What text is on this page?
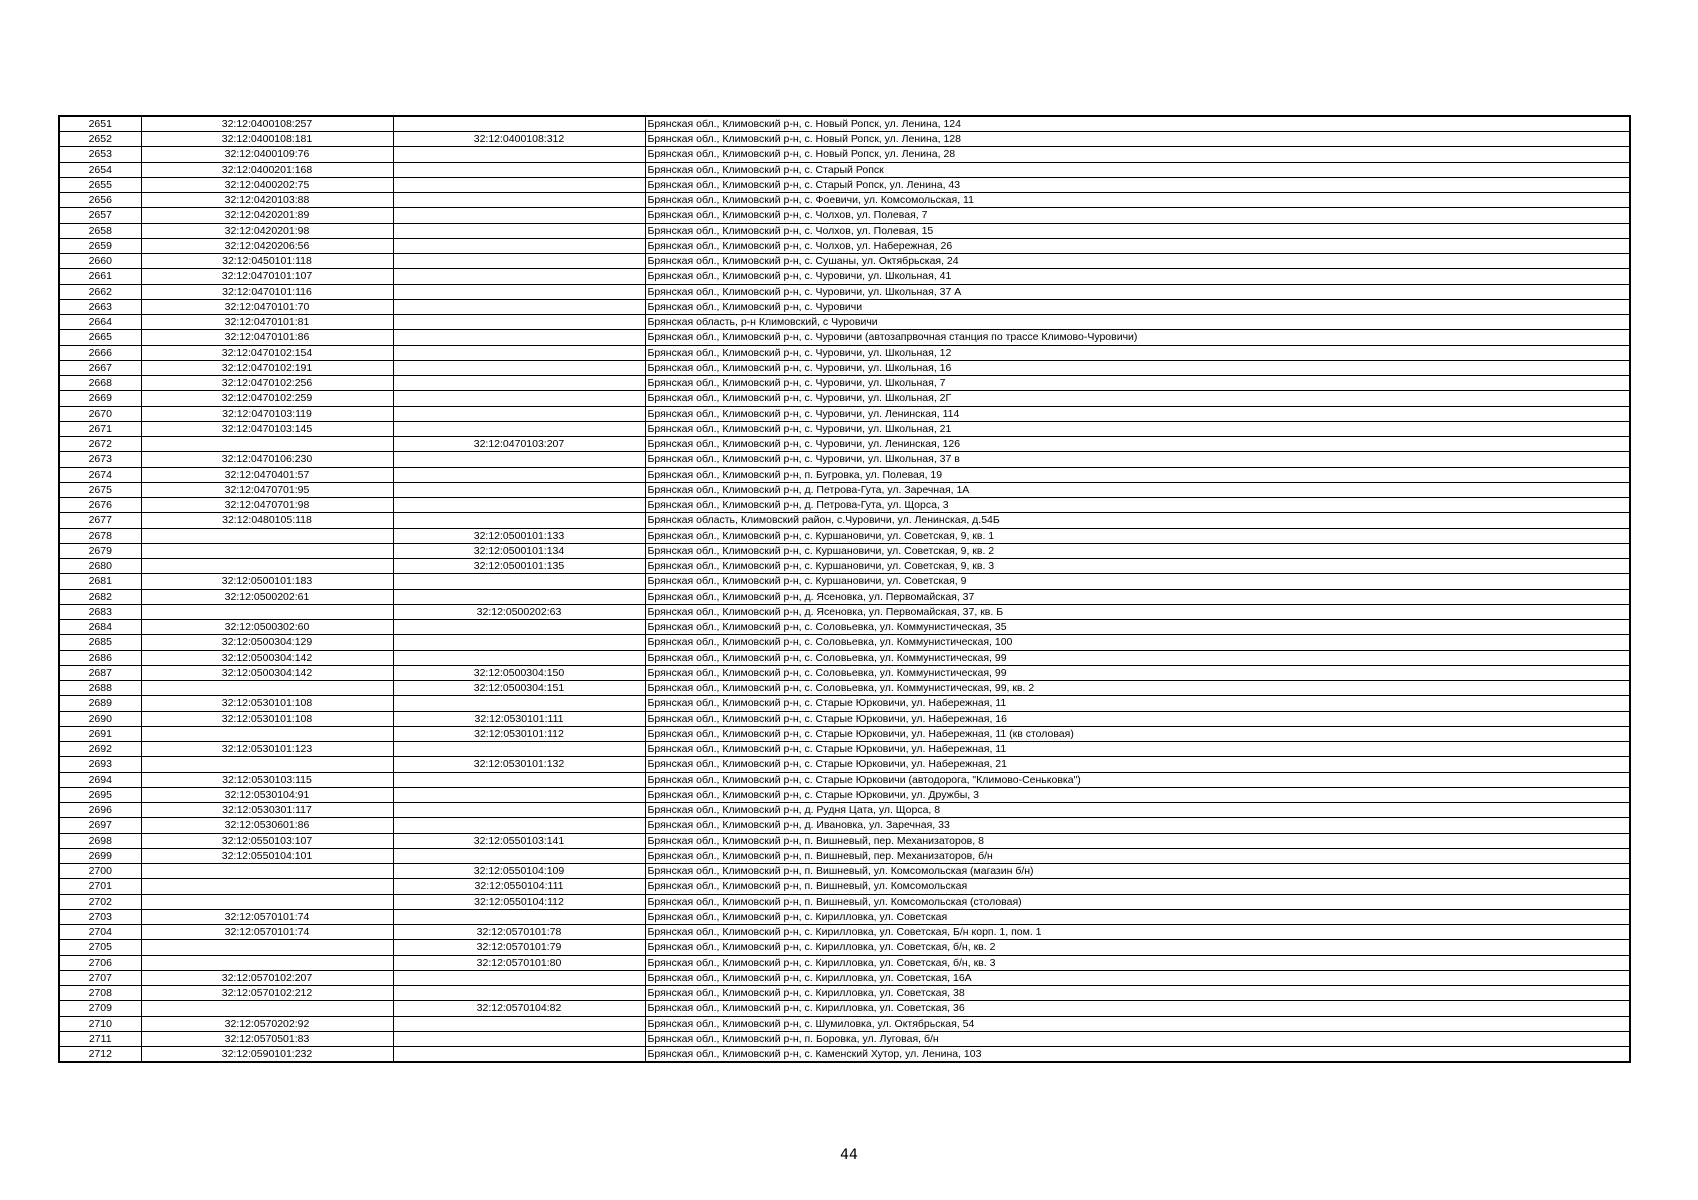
2651	32:12:0400108:257		Брянская обл., Климовский р-н, с. Новый Ропск, ул. Ленина, 124
2652	32:12:0400108:181	32:12:0400108:312	Брянская обл., Климовский р-н, с. Новый Ропск, ул. Ленина, 128
2653	32:12:0400109:76		Брянская обл., Климовский р-н, с. Новый Ропск, ул. Ленина, 28
2654	32:12:0400201:168		Брянская обл., Климовский р-н, с. Старый Ропск
2655	32:12:0400202:75		Брянская обл., Климовский р-н, с. Старый Ропск, ул. Ленина, 43
2656	32:12:0420103:88		Брянская обл., Климовский р-н, с. Фоевичи, ул. Комсомольская, 11
2657	32:12:0420201:89		Брянская обл., Климовский р-н, с. Чолхов, ул. Полевая, 7
2658	32:12:0420201:98		Брянская обл., Климовский р-н, с. Чолхов, ул. Полевая, 15
2659	32:12:0420206:56		Брянская обл., Климовский р-н, с. Чолхов, ул. Набережная, 26
2660	32:12:0450101:118		Брянская обл., Климовский р-н, с. Сушаны, ул. Октябрьская, 24
2661	32:12:0470101:107		Брянская обл., Климовский р-н, с. Чуровичи, ул. Школьная, 41
2662	32:12:0470101:116		Брянская обл., Климовский р-н, с. Чуровичи, ул. Школьная, 37 А
2663	32:12:0470101:70		Брянская обл., Климовский р-н, с. Чуровичи
2664	32:12:0470101:81		Брянская область, р-н Климовский, с Чуровичи
2665	32:12:0470101:86		Брянская обл., Климовский р-н, с. Чуровичи (автозапрвочная станция по трассе Климово-Чуровичи)
2666	32:12:0470102:154		Брянская обл., Климовский р-н, с. Чуровичи, ул. Школьная, 12
2667	32:12:0470102:191		Брянская обл., Климовский р-н, с. Чуровичи, ул. Школьная, 16
2668	32:12:0470102:256		Брянская обл., Климовский р-н, с. Чуровичи, ул. Школьная, 7
2669	32:12:0470102:259		Брянская обл., Климовский р-н, с. Чуровичи, ул. Школьная, 2Г
2670	32:12:0470103:119		Брянская обл., Климовский р-н, с. Чуровичи, ул. Ленинская, 114
2671	32:12:0470103:145		Брянская обл., Климовский р-н, с. Чуровичи, ул. Школьная, 21
2672		32:12:0470103:207	Брянская обл., Климовский р-н, с. Чуровичи, ул. Ленинская, 126
2673	32:12:0470106:230		Брянская обл., Климовский р-н, с. Чуровичи, ул. Школьная, 37 в
2674	32:12:0470401:57		Брянская обл., Климовский р-н, п. Бугровка, ул. Полевая, 19
2675	32:12:0470701:95		Брянская обл., Климовский р-н, д. Петрова-Гута, ул. Заречная, 1А
2676	32:12:0470701:98		Брянская обл., Климовский р-н, д. Петрова-Гута, ул. Щорса, 3
2677	32:12:0480105:118		Брянская область, Климовский район, с.Чуровичи, ул. Ленинская, д.54Б
2678		32:12:0500101:133	Брянская обл., Климовский р-н, с. Куршановичи, ул. Советская, 9, кв. 1
2679		32:12:0500101:134	Брянская обл., Климовский р-н, с. Куршановичи, ул. Советская, 9, кв. 2
2680		32:12:0500101:135	Брянская обл., Климовский р-н, с. Куршановичи, ул. Советская, 9, кв. 3
2681	32:12:0500101:183		Брянская обл., Климовский р-н, с. Куршановичи, ул. Советская, 9
2682	32:12:0500202:61		Брянская обл., Климовский р-н, д. Ясеновка, ул. Первомайская, 37
2683		32:12:0500202:63	Брянская обл., Климовский р-н, д. Ясеновка, ул. Первомайская, 37, кв. Б
2684	32:12:0500302:60		Брянская обл., Климовский р-н, с. Соловьевка, ул. Коммунистическая, 35
2685	32:12:0500304:129		Брянская обл., Климовский р-н, с. Соловьевка, ул. Коммунистическая, 100
2686	32:12:0500304:142		Брянская обл., Климовский р-н, с. Соловьевка, ул. Коммунистическая, 99
2687	32:12:0500304:142	32:12:0500304:150	Брянская обл., Климовский р-н, с. Соловьевка, ул. Коммунистическая, 99
2688		32:12:0500304:151	Брянская обл., Климовский р-н, с. Соловьевка, ул. Коммунистическая, 99, кв. 2
2689	32:12:0530101:108		Брянская обл., Климовский р-н, с. Старые Юрковичи, ул. Набережная, 11
2690	32:12:0530101:108	32:12:0530101:111	Брянская обл., Климовский р-н, с. Старые Юрковичи, ул. Набережная, 16
2691		32:12:0530101:112	Брянская обл., Климовский р-н, с. Старые Юрковичи, ул. Набережная, 11 (кв столовая)
2692	32:12:0530101:123		Брянская обл., Климовский р-н, с. Старые Юрковичи, ул. Набережная, 11
2693		32:12:0530101:132	Брянская обл., Климовский р-н, с. Старые Юрковичи, ул. Набережная, 21
2694	32:12:0530103:115		Брянская обл., Климовский р-н, с. Старые Юрковичи (автодорога, "Климово-Сеньковка")
2695	32:12:0530104:91		Брянская обл., Климовский р-н, с. Старые Юрковичи, ул. Дружбы, 3
2696	32:12:0530301:117		Брянская обл., Климовский р-н, д. Рудня Цата, ул. Щорса, 8
2697	32:12:0530601:86		Брянская обл., Климовский р-н, д. Ивановка, ул. Заречная, 33
2698	32:12:0550103:107	32:12:0550103:141	Брянская обл., Климовский р-н, п. Вишневый, пер. Механизаторов, 8
2699	32:12:0550104:101		Брянская обл., Климовский р-н, п. Вишневый, пер. Механизаторов, б/н
2700		32:12:0550104:109	Брянская обл., Климовский р-н, п. Вишневый, ул. Комсомольская (магазин б/н)
2701		32:12:0550104:111	Брянская обл., Климовский р-н, п. Вишневый, ул. Комсомольская
2702		32:12:0550104:112	Брянская обл., Климовский р-н, п. Вишневый, ул. Комсомольская (столовая)
2703	32:12:0570101:74		Брянская обл., Климовский р-н, с. Кирилловка, ул. Советская
2704	32:12:0570101:74	32:12:0570101:78	Брянская обл., Климовский р-н, с. Кирилловка, ул. Советская, Б/н корп. 1, пом. 1
2705		32:12:0570101:79	Брянская обл., Климовский р-н, с. Кирилловка, ул. Советская, б/н, кв. 2
2706		32:12:0570101:80	Брянская обл., Климовский р-н, с. Кирилловка, ул. Советская, б/н, кв. 3
2707	32:12:0570102:207		Брянская обл., Климовский р-н, с. Кирилловка, ул. Советская, 16А
2708	32:12:0570102:212		Брянская обл., Климовский р-н, с. Кирилловка, ул. Советская, 38
2709		32:12:0570104:82	Брянская обл., Климовский р-н, с. Кирилловка, ул. Советская, 36
2710	32:12:0570202:92		Брянская обл., Климовский р-н, с. Шумиловка, ул. Октябрьская, 54
2711	32:12:0570501:83		Брянская обл., Климовский р-н, п. Боровка, ул. Луговая, б/н
2712	32:12:0590101:232		Брянская обл., Климовский р-н, с. Каменский Хутор, ул. Ленина, 103
44
